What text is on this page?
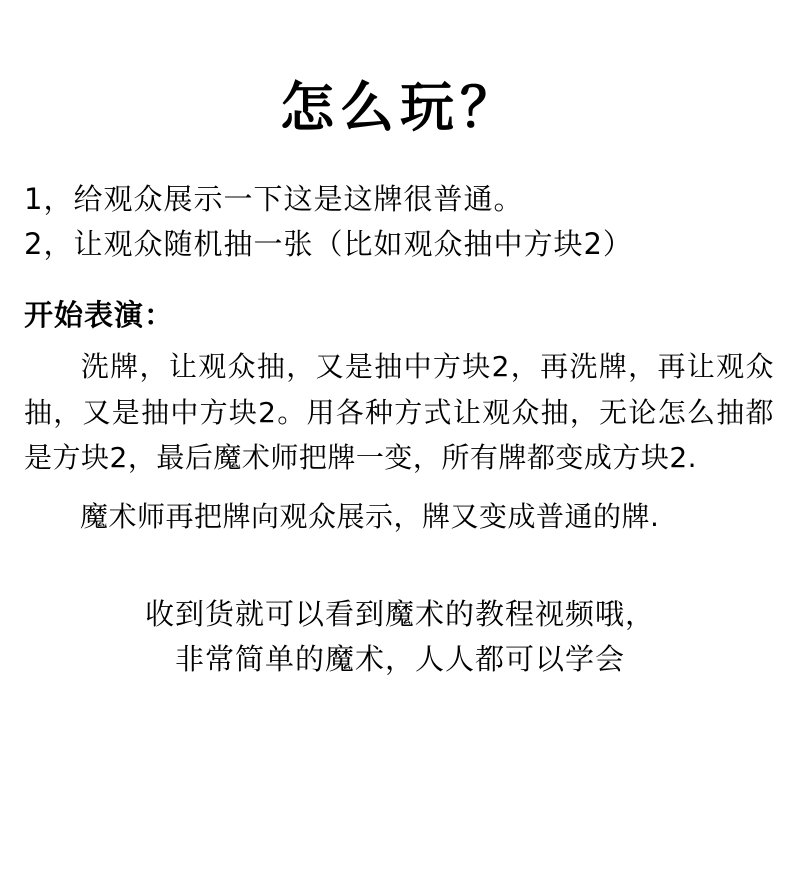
怎么玩？
1，给观众展示一下这是这牌很普通。
2，让观众随机抽一张（比如观众抽中方块2）
开始表演：

洗牌，让观众抽，又是抽中方块2，再洗牌，再让观众抽，又是抽中方块2。用各种方式让观众抽，无论怎么抽都是方块2，最后魔术师把牌一变，所有牌都变成方块2.

魔术师再把牌向观众展示，牌又变成普通的牌.

收到货就可以看到魔术的教程视频哦，
非常简单的魔术，人人都可以学会
